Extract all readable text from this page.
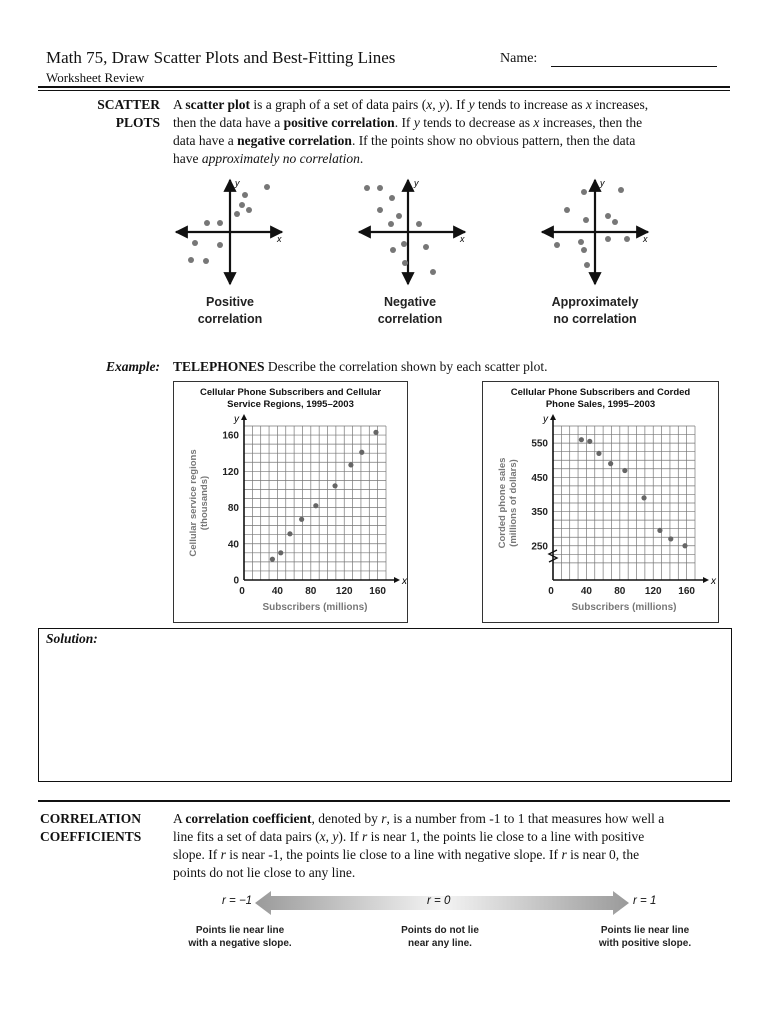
Math 75, Draw Scatter Plots and Best-Fitting Lines
Worksheet Review
Name:
SCATTER
PLOTS
A scatter plot is a graph of a set of data pairs (x, y). If y tends to increase as x increases,
then the data have a positive correlation. If y tends to decrease as x increases, then the
data have a negative correlation. If the points show no obvious pattern, then the data
have approximately no correlation.
y
x
y
x
y
x
Positive
correlation
Negative
correlation
Approximately
no correlation
Example: TELEPHONES Describe the correlation shown by each scatter plot.
Cellular Phone Subscribers and Cellular
Service Regions, 1995–2003
x
y
0	40 80 120 160
0
40
80
120
160
Subscribers (millions)
Cellular service regions (thousands)
Cellular Phone Subscribers and Corded
Phone Sales, 1995–2003
x
y
0	40 80 120 160
250
350
450
550
Subscribers (millions)
Corded phone sales (millions of dollars)
Solution:
CORRELATION
COEFFICIENTS
A correlation coefficient, denoted by r, is a number from -1 to 1 that measures how well a
line fits a set of data pairs (x, y). If r is near 1, the points lie close to a line with positive
slope. If r is near -1, the points lie close to a line with negative slope. If r is near 0, the
points do not lie close to any line.
r = −1	r = 0	r = 1
Points lie near line
with a negative slope.
Points do not lie
near any line.
Points lie near line
with positive slope.
